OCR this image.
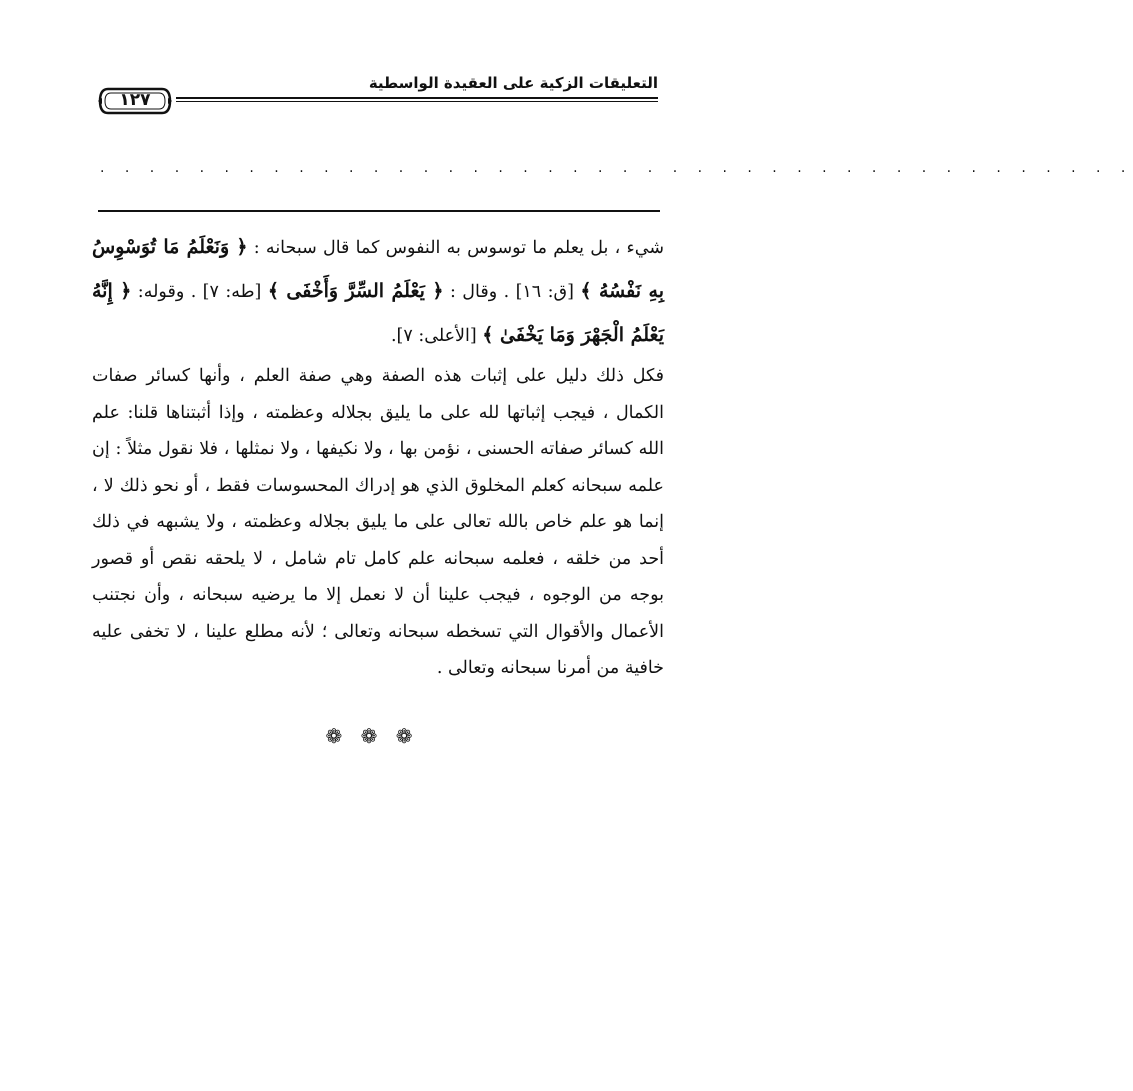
التعليقات الزكية على العقيدة الواسطية
١٢٧
. . . . . . . . . . . . . . . . . . . . . . . . . . . . . . . . . . . . . . . . . .
شيء ، بل يعلم ما توسوس به النفوس كما قال سبحانه : ﴿ وَنَعْلَمُ مَا تُوَسْوِسُ بِهِ نَفْسُهُ ﴾ [ق: ١٦] . وقال : ﴿ يَعْلَمُ السِّرَّ وَأَخْفَى ﴾ [طه: ٧] . وقوله: ﴿ إِنَّهُ يَعْلَمُ الْجَهْرَ وَمَا يَخْفَىٰ ﴾ [الأعلى: ٧].
فكل ذلك دليل على إثبات هذه الصفة وهي صفة العلم ، وأنها كسائر صفات الكمال ، فيجب إثباتها لله على ما يليق بجلاله وعظمته ، وإذا أثبتناها قلنا: علم الله كسائر صفاته الحسنى ، نؤمن بها ، ولا نكيفها ، ولا نمثلها ، فلا نقول مثلاً : إن علمه سبحانه كعلم المخلوق الذي هو إدراك المحسوسات فقط ، أو نحو ذلك لا ، إنما هو علم خاص بالله تعالى على ما يليق بجلاله وعظمته ، ولا يشبهه في ذلك أحد من خلقه ، فعلمه سبحانه علم كامل تام شامل ، لا يلحقه نقص أو قصور بوجه من الوجوه ، فيجب علينا أن لا نعمل إلا ما يرضيه سبحانه ، وأن نجتنب الأعمال والأقوال التي تسخطه سبحانه وتعالى ؛ لأنه مطلع علينا ، لا تخفى عليه خافية من أمرنا سبحانه وتعالى .
❁ ❁ ❁
